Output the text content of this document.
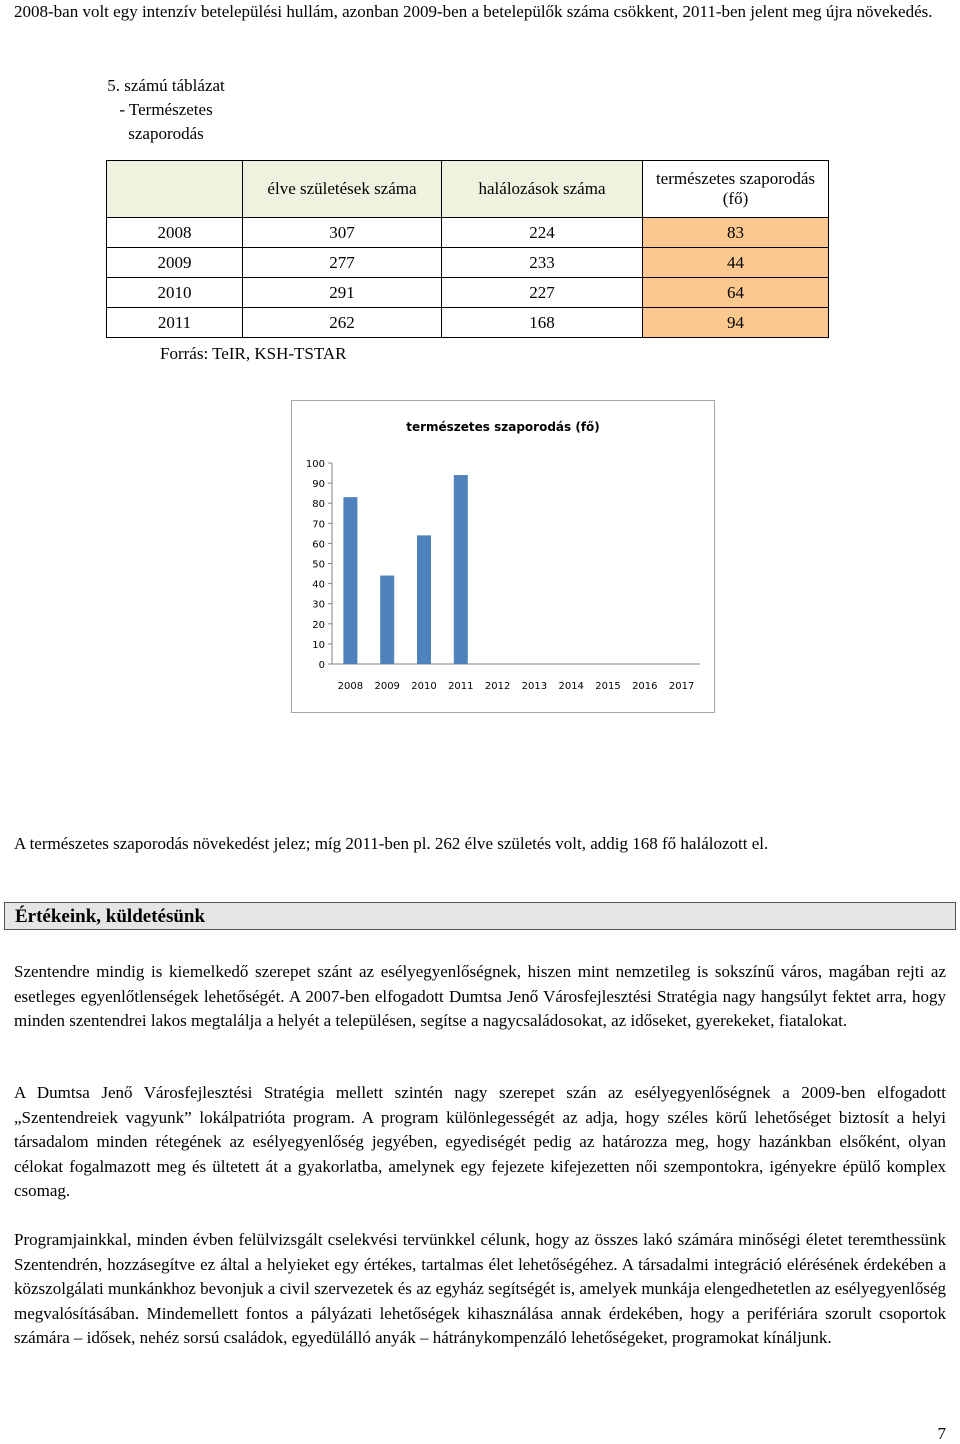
2008-ban volt egy intenzív betelepülési hullám, azonban 2009-ben a betelepülők száma csökkent, 2011-ben jelent meg újra növekedés.

5. számú táblázat - Természetes szaporodás
	élve születések száma	halálozások száma	természetes szaporodás (fő)
2008	307	224	83
2009	277	233	44
2010	291	227	64
2011	262	168	94
Forrás: TeIR, KSH-TSTAR
természetes szaporodás (fő)
0
10
20
30
40
50
60
70
80
90
100
2008 2009 2010 2011 2012 2013 2014 2015 2016 2017

A természetes szaporodás növekedést jelez; míg 2011-ben pl. 262 élve születés volt, addig 168 fő halálozott el.

Értékeink, küldetésünk

Szentendre mindig is kiemelkedő szerepet szánt az esélyegyenlőségnek, hiszen mint nemzetileg is sokszínű város, magában rejti az esetleges egyenlőtlenségek lehetőségét. A 2007-ben elfogadott Dumtsa Jenő Városfejlesztési Stratégia nagy hangsúlyt fektet arra, hogy minden szentendrei lakos megtalálja a helyét a településen, segítse a nagycsaládosokat, az időseket, gyerekeket, fiatalokat.

A Dumtsa Jenő Városfejlesztési Stratégia mellett szintén nagy szerepet szán az esélyegyenlőségnek a 2009-ben elfogadott „Szentendreiek vagyunk” lokálpatrióta program. A program különlegességét az adja, hogy széles körű lehetőséget biztosít a helyi társadalom minden rétegének az esélyegyenlőség jegyében, egyediségét pedig az határozza meg, hogy hazánkban elsőként, olyan célokat fogalmazott meg és ültetett át a gyakorlatba, amelynek egy fejezete kifejezetten női szempontokra, igényekre épülő komplex csomag.

Programjainkkal, minden évben felülvizsgált cselekvési tervünkkel célunk, hogy az összes lakó számára minőségi életet teremthessünk Szentendrén, hozzásegítve ez által a helyieket egy értékes, tartalmas élet lehetőségéhez. A társadalmi integráció elérésének érdekében a közszolgálati munkánkhoz bevonjuk a civil szervezetek és az egyház segítségét is, amelyek munkája elengedhetetlen az esélyegyenlőség megvalósításában. Mindemellett fontos a pályázati lehetőségek kihasználása annak érdekében, hogy a perifériára szorult csoportok számára – idősek, nehéz sorsú családok, egyedülálló anyák – hátránykompenzáló lehetőségeket, programokat kínáljunk.

7
